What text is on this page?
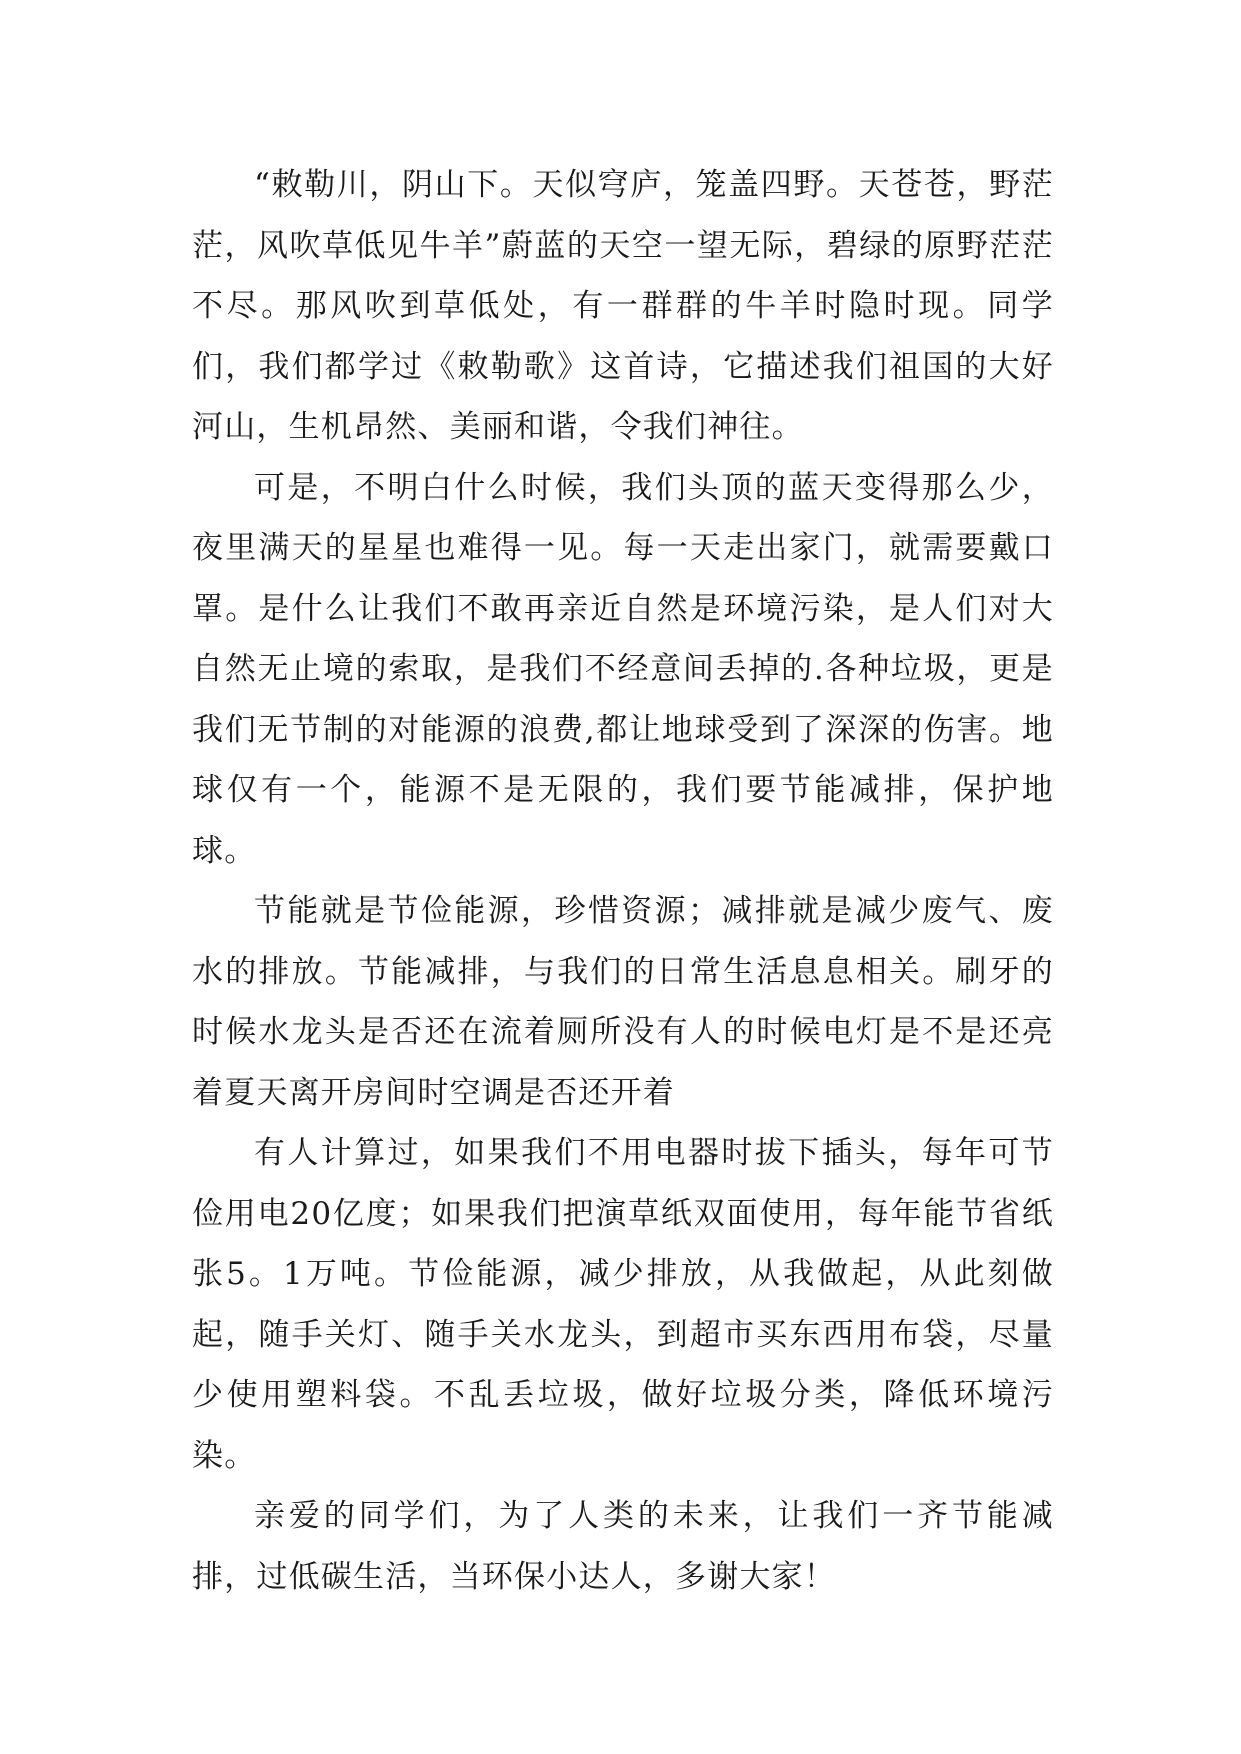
“敕勒川，阴山下。天似穹庐，笼盖四野。天苍苍，野茫茫，风吹草低见牛羊”蔚蓝的天空一望无际，碧绿的原野茫茫不尽。那风吹到草低处，有一群群的牛羊时隐时现。同学们，我们都学过《敕勒歌》这首诗，它描述我们祖国的大好河山，生机昂然、美丽和谐，令我们神往。

可是，不明白什么时候，我们头顶的蓝天变得那么少，夜里满天的星星也难得一见。每一天走出家门，就需要戴口罩。是什么让我们不敢再亲近自然是环境污染，是人们对大自然无止境的索取，是我们不经意间丢掉的.各种垃圾，更是我们无节制的对能源的浪费,都让地球受到了深深的伤害。地球仅有一个，能源不是无限的，我们要节能减排，保护地球。

节能就是节俭能源，珍惜资源；减排就是减少废气、废水的排放。节能减排，与我们的日常生活息息相关。刷牙的时候水龙头是否还在流着厕所没有人的时候电灯是不是还亮着夏天离开房间时空调是否还开着

有人计算过，如果我们不用电器时拔下插头，每年可节俭用电20亿度；如果我们把演草纸双面使用，每年能节省纸张5。1万吨。节俭能源，减少排放，从我做起，从此刻做起，随手关灯、随手关水龙头，到超市买东西用布袋，尽量少使用塑料袋。不乱丢垃圾，做好垃圾分类，降低环境污染。

亲爱的同学们，为了人类的未来，让我们一齐节能减排，过低碳生活，当环保小达人，多谢大家！
